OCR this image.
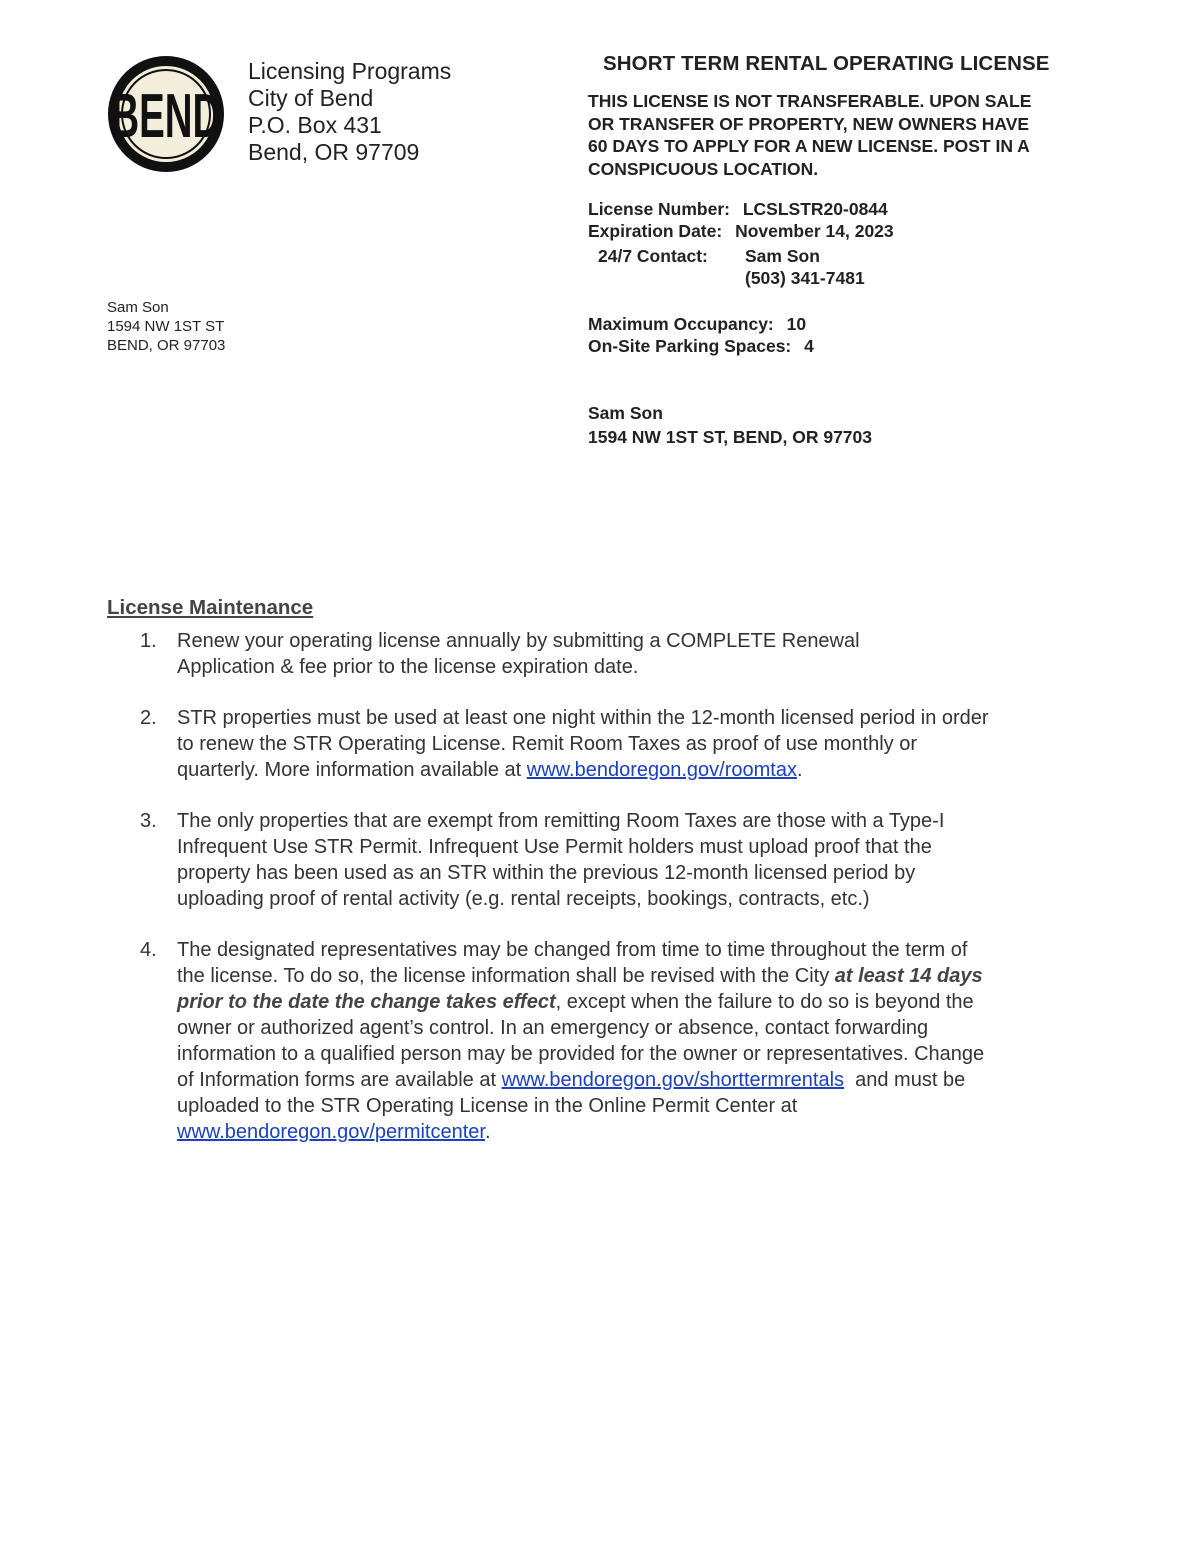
BEND
Licensing Programs
City of Bend
P.O. Box 431
Bend, OR 97709
Sam Son
1594 NW 1ST ST
BEND, OR 97703
SHORT TERM RENTAL OPERATING LICENSE
THIS LICENSE IS NOT TRANSFERABLE. UPON SALE
OR TRANSFER OF PROPERTY, NEW OWNERS HAVE
60 DAYS TO APPLY FOR A NEW LICENSE. POST IN A
CONSPICUOUS LOCATION.
License Number: LCSLSTR20-0844
Expiration Date: November 14, 2023
24/7 Contact: Sam Son
(503) 341-7481
Maximum Occupancy: 10
On-Site Parking Spaces: 4
Sam Son
1594 NW 1ST ST, BEND, OR 97703
License Maintenance
1. Renew your operating license annually by submitting a COMPLETE Renewal
Application & fee prior to the license expiration date.
2. STR properties must be used at least one night within the 12-month licensed period in order
to renew the STR Operating License. Remit Room Taxes as proof of use monthly or
quarterly. More information available at www.bendoregon.gov/roomtax.
3. The only properties that are exempt from remitting Room Taxes are those with a Type-I
Infrequent Use STR Permit. Infrequent Use Permit holders must upload proof that the
property has been used as an STR within the previous 12-month licensed period by
uploading proof of rental activity (e.g. rental receipts, bookings, contracts, etc.)
4. The designated representatives may be changed from time to time throughout the term of
the license. To do so, the license information shall be revised with the City at least 14 days
prior to the date the change takes effect, except when the failure to do so is beyond the
owner or authorized agent’s control. In an emergency or absence, contact forwarding
information to a qualified person may be provided for the owner or representatives. Change
of Information forms are available at www.bendoregon.gov/shorttermrentals  and must be
uploaded to the STR Operating License in the Online Permit Center at
www.bendoregon.gov/permitcenter.
